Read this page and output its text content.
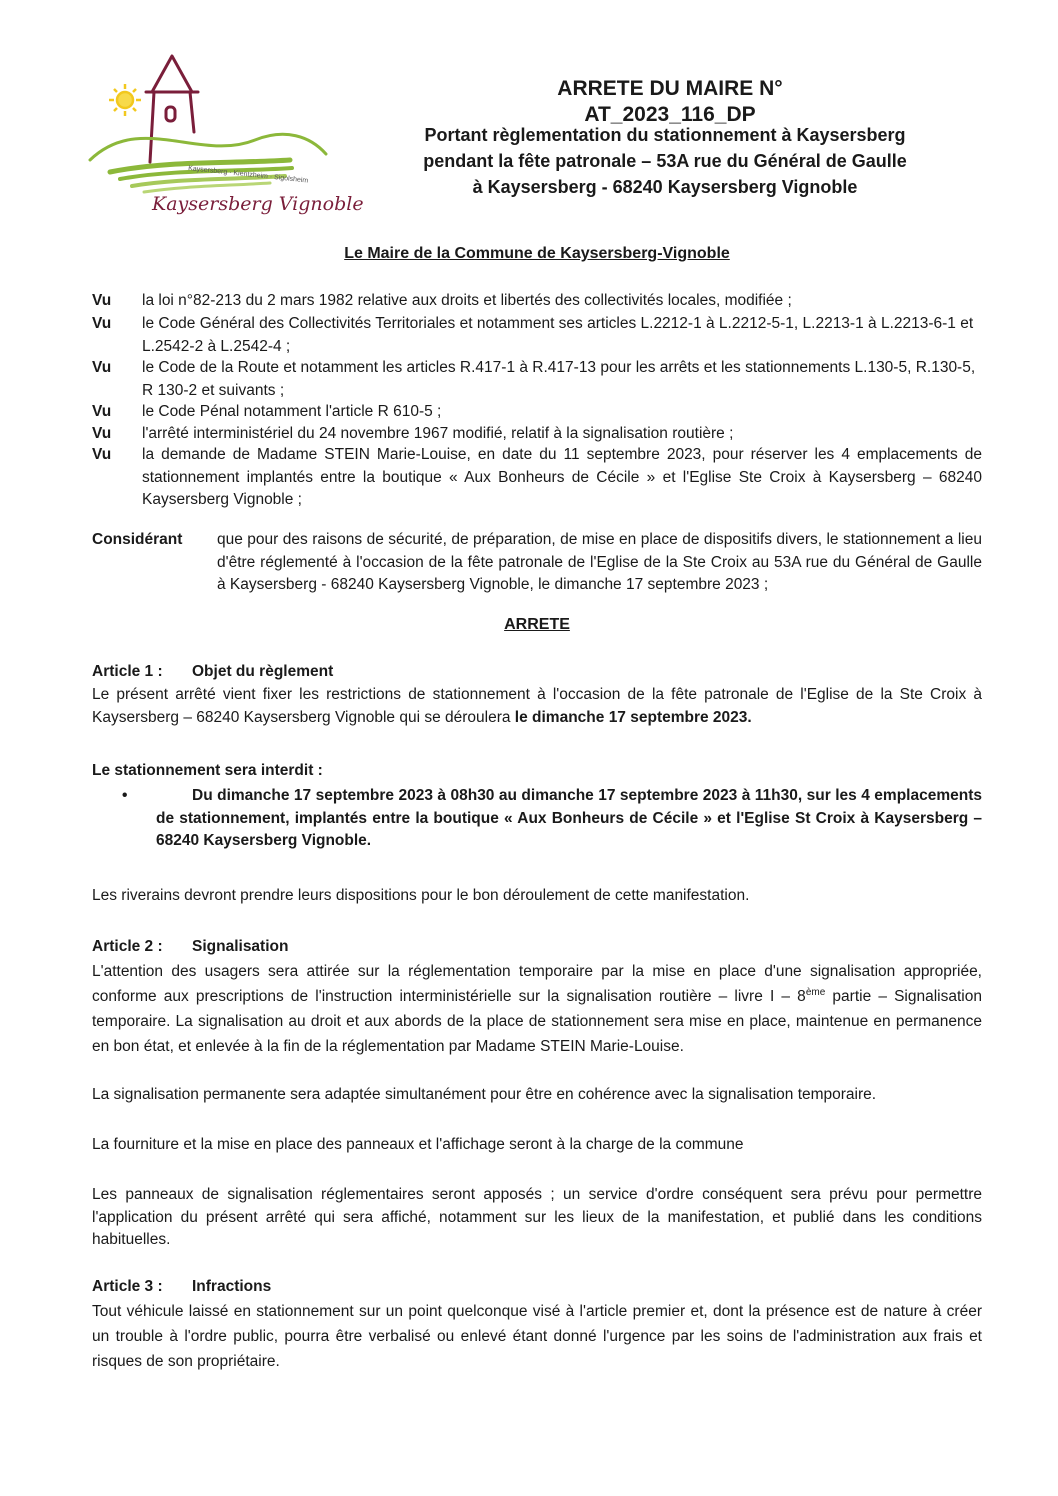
Kaysersberg · Kientzheim · Sigolsheim
Kaysersberg Vignoble
ARRETE DU MAIRE N° AT_2023_116_DP
Portant règlementation du stationnement à Kaysersberg
pendant la fête patronale – 53A rue du Général de Gaulle
à Kaysersberg - 68240 Kaysersberg Vignoble
Le Maire de la Commune de Kaysersberg-Vignoble
Vu	la loi n°82-213 du 2 mars 1982 relative aux droits et libertés des collectivités locales, modifiée ;
Vu	le Code Général des Collectivités Territoriales et notamment ses articles L.2212-1 à L.2212-5-1, L.2213-1 à L.2213-6-1 et L.2542-2 à L.2542-4 ;
Vu	le Code de la Route et notamment les articles R.417-1 à R.417-13 pour les arrêts et les stationnements L.130-5, R.130-5, R 130-2 et suivants ;
Vu	le Code Pénal notamment l'article R 610-5 ;
Vu	l'arrêté interministériel du 24 novembre 1967 modifié, relatif à la signalisation routière ;
Vu	la demande de Madame STEIN Marie-Louise, en date du 11 septembre 2023, pour réserver les 4 emplacements de stationnement implantés entre la boutique « Aux Bonheurs de Cécile » et l'Eglise Ste Croix à Kaysersberg – 68240 Kaysersberg Vignoble ;
Considérant	que pour des raisons de sécurité, de préparation, de mise en place de dispositifs divers, le stationnement a lieu d'être réglementé à l'occasion de la fête patronale de l'Eglise de la Ste Croix au 53A rue du Général de Gaulle à Kaysersberg - 68240 Kaysersberg Vignoble, le dimanche 17 septembre 2023 ;
ARRETE
Article 1 :	Objet du règlement
Le présent arrêté vient fixer les restrictions de stationnement à l'occasion de la fête patronale de l'Eglise de la Ste Croix à Kaysersberg – 68240 Kaysersberg Vignoble qui se déroulera le dimanche 17 septembre 2023.
Le stationnement sera interdit :
•	Du dimanche 17 septembre 2023 à 08h30 au dimanche 17 septembre 2023 à 11h30, sur les 4 emplacements de stationnement, implantés entre la boutique « Aux Bonheurs de Cécile » et l'Eglise St Croix à Kaysersberg – 68240 Kaysersberg Vignoble.
Les riverains devront prendre leurs dispositions pour le bon déroulement de cette manifestation.
Article 2 :	Signalisation
L'attention des usagers sera attirée sur la réglementation temporaire par la mise en place d'une signalisation appropriée, conforme aux prescriptions de l'instruction interministérielle sur la signalisation routière – livre I – 8ème partie – Signalisation temporaire. La signalisation au droit et aux abords de la place de stationnement sera mise en place, maintenue en permanence en bon état, et enlevée à la fin de la réglementation par Madame STEIN Marie-Louise.
La signalisation permanente sera adaptée simultanément pour être en cohérence avec la signalisation temporaire.
La fourniture et la mise en place des panneaux et l'affichage seront à la charge de la commune
Les panneaux de signalisation réglementaires seront apposés ; un service d'ordre conséquent sera prévu pour permettre l'application du présent arrêté qui sera affiché, notamment sur les lieux de la manifestation, et publié dans les conditions habituelles.
Article 3 :	Infractions
Tout véhicule laissé en stationnement sur un point quelconque visé à l'article premier et, dont la présence est de nature à créer un trouble à l'ordre public, pourra être verbalisé ou enlevé étant donné l'urgence par les soins de l'administration aux frais et risques de son propriétaire.
